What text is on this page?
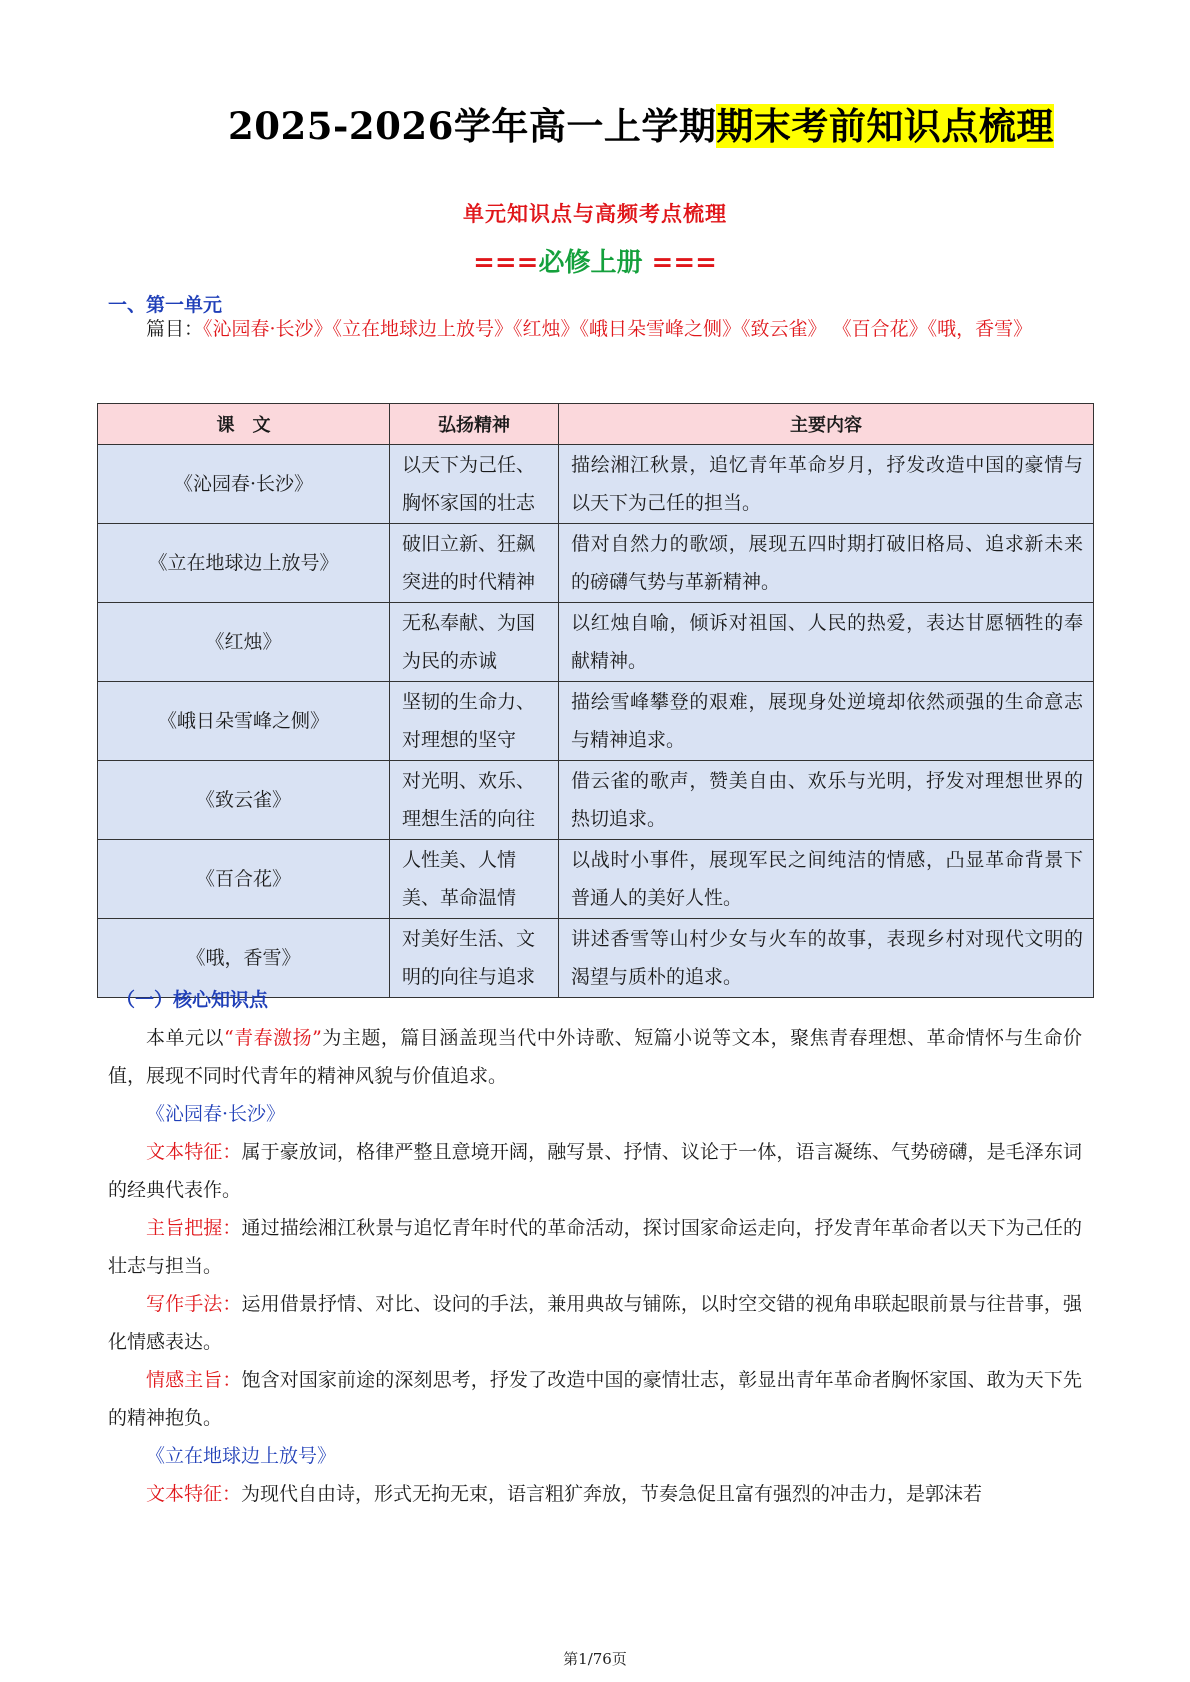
2025-2026学年高一上学期期末考前知识点梳理
单元知识点与高频考点梳理
===必修上册 ===
一、第一单元
篇目：《沁园春·长沙》《立在地球边上放号》《红烛》《峨日朵雪峰之侧》《致云雀》 《百合花》《哦，香雪》
课　文	弘扬精神	主要内容
《沁园春·长沙》	以天下为己任、胸怀家国的壮志	描绘湘江秋景，追忆青年革命岁月，抒发改造中国的豪情与以天下为己任的担当。
《立在地球边上放号》	破旧立新、狂飙突进的时代精神	借对自然力的歌颂，展现五四时期打破旧格局、追求新未来的磅礴气势与革新精神。
《红烛》	无私奉献、为国为民的赤诚	以红烛自喻，倾诉对祖国、人民的热爱，表达甘愿牺牲的奉献精神。
《峨日朵雪峰之侧》	坚韧的生命力、对理想的坚守	描绘雪峰攀登的艰难，展现身处逆境却依然顽强的生命意志与精神追求。
《致云雀》	对光明、欢乐、理想生活的向往	借云雀的歌声，赞美自由、欢乐与光明，抒发对理想世界的热切追求。
《百合花》	人性美、人情美、革命温情	以战时小事件，展现军民之间纯洁的情感，凸显革命背景下普通人的美好人性。
《哦，香雪》	对美好生活、文明的向往与追求	讲述香雪等山村少女与火车的故事，表现乡村对现代文明的渴望与质朴的追求。
（一）核心知识点
本单元以“青春激扬”为主题，篇目涵盖现当代中外诗歌、短篇小说等文本，聚焦青春理想、革命情怀与生命价值，展现不同时代青年的精神风貌与价值追求。
《沁园春·长沙》
文本特征：属于豪放词，格律严整且意境开阔，融写景、抒情、议论于一体，语言凝练、气势磅礴，是毛泽东词的经典代表作。
主旨把握：通过描绘湘江秋景与追忆青年时代的革命活动，探讨国家命运走向，抒发青年革命者以天下为己任的壮志与担当。
写作手法：运用借景抒情、对比、设问的手法，兼用典故与铺陈，以时空交错的视角串联起眼前景与往昔事，强化情感表达。
情感主旨：饱含对国家前途的深刻思考，抒发了改造中国的豪情壮志，彰显出青年革命者胸怀家国、敢为天下先的精神抱负。
《立在地球边上放号》
文本特征：为现代自由诗，形式无拘无束，语言粗犷奔放，节奏急促且富有强烈的冲击力，是郭沫若
第1/76页
